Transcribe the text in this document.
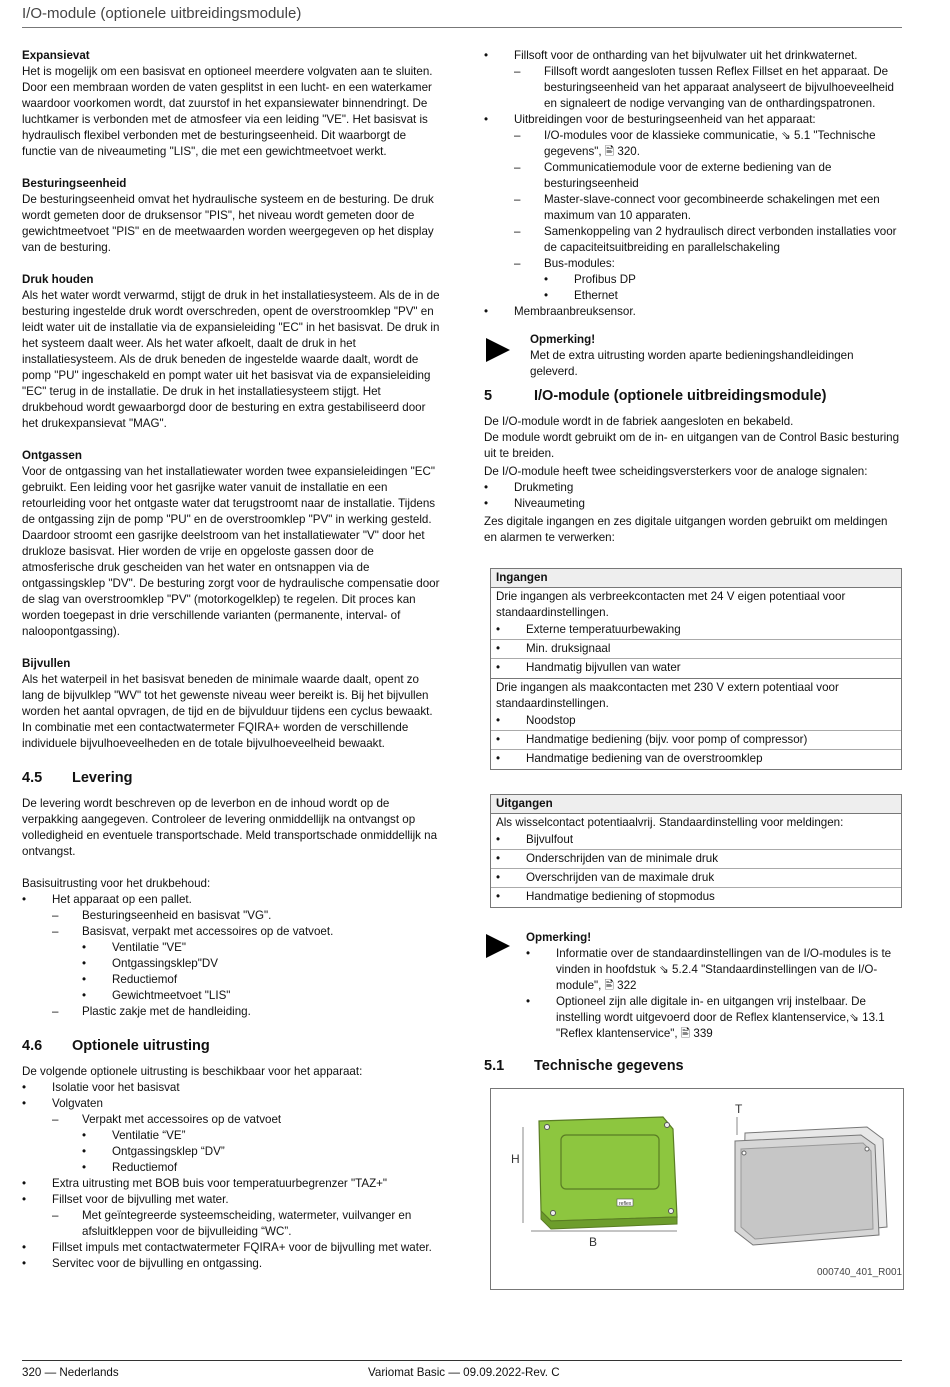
I/O-module (optionele uitbreidingsmodule)

Expansievat

Het is mogelijk om een basisvat en optioneel meerdere volgvaten aan te sluiten. Door een membraan worden de vaten gesplitst in een lucht- en een waterkamer waardoor voorkomen wordt, dat zuurstof in het expansiewater binnendringt. De luchtkamer is verbonden met de atmosfeer via een leiding "VE". Het basisvat is hydraulisch flexibel verbonden met de besturingseenheid. Dit waarborgt de functie van de niveaumeting "LIS", die met een gewichtmeetvoet werkt.

Besturingseenheid

De besturingseenheid omvat het hydraulische systeem en de besturing. De druk wordt gemeten door de druksensor "PIS", het niveau wordt gemeten door de gewichtmeetvoet "PIS" en de meetwaarden worden weergegeven op het display van de besturing.

Druk houden

Als het water wordt verwarmd, stijgt de druk in het installatiesysteem. Als de in de besturing ingestelde druk wordt overschreden, opent de overstroomklep "PV" en leidt water uit de installatie via de expansieleiding "EC" in het basisvat. De druk in het systeem daalt weer. Als het water afkoelt, daalt de druk in het installatiesysteem. Als de druk beneden de ingestelde waarde daalt, wordt de pomp "PU" ingeschakeld en pompt water uit het basisvat via de expansieleiding "EC" terug in de installatie. De druk in het installatiesysteem stijgt. Het drukbehoud wordt gewaarborgd door de besturing en extra gestabiliseerd door het drukexpansievat "MAG".

Ontgassen

Voor de ontgassing van het installatiewater worden twee expansieleidingen "EC" gebruikt. Een leiding voor het gasrijke water vanuit de installatie en een retourleiding voor het ontgaste water dat terugstroomt naar de installatie. Tijdens de ontgassing zijn de pomp "PU" en de overstroomklep "PV" in werking gesteld. Daardoor stroomt een gasrijke deelstroom van het installatiewater "V" door het drukloze basisvat. Hier worden de vrije en opgeloste gassen door de atmosferische druk gescheiden van het water en ontsnappen via de ontgassingsklep "DV". De besturing zorgt voor de hydraulische compensatie door de slag van overstroomklep "PV" (motorkogelklep) te regelen. Dit proces kan worden toegepast in drie verschillende varianten (permanente, interval- of naloopontgassing).

Bijvullen

Als het waterpeil in het basisvat beneden de minimale waarde daalt, opent zo lang de bijvulklep "WV" tot het gewenste niveau weer bereikt is. Bij het bijvullen worden het aantal opvragen, de tijd en de bijvulduur tijdens een cyclus bewaakt. In combinatie met een contactwatermeter FQIRA+ worden de verschillende individuele bijvulhoeveelheden en de totale bijvulhoeveelheid bewaakt.

4.5	Levering

De levering wordt beschreven op de leverbon en de inhoud wordt op de verpakking aangegeven. Controleer de levering onmiddellijk na ontvangst op volledigheid en eventuele transportschade. Meld transportschade onmiddellijk na ontvangst.

Basisuitrusting voor het drukbehoud:

•	Het apparaat op een pallet.
–	Besturingseenheid en basisvat "VG".
–	Basisvat, verpakt met accessoires op de vatvoet.
•	Ventilatie "VE"
•	Ontgassingsklep"DV
•	Reductiemof
•	Gewichtmeetvoet "LIS"
–	Plastic zakje met de handleiding.
4.6	Optionele uitrusting

De volgende optionele uitrusting is beschikbaar voor het apparaat:

•	Isolatie voor het basisvat
•	Volgvaten
–	Verpakt met accessoires op de vatvoet
•	Ventilatie “VE”
•	Ontgassingsklep “DV”
•	Reductiemof
•	Extra uitrusting met BOB buis voor temperatuurbegrenzer "TAZ+"
•	Fillset voor de bijvulling met water.
–	Met geïntegreerde systeemscheiding, watermeter, vuilvanger en afsluitkleppen voor de bijvulleiding “WC”.
•	Fillset impuls met contactwatermeter FQIRA+ voor de bijvulling met water.
•	Servitec voor de bijvulling en ontgassing.
•	Fillsoft voor de ontharding van het bijvulwater uit het drinkwaternet.
–	Fillsoft wordt aangesloten tussen Reflex Fillset en het apparaat. De besturingseenheid van het apparaat analyseert de bijvulhoeveelheid en signaleert de nodige vervanging van de onthardingspatronen.
•	Uitbreidingen voor de besturingseenheid van het apparaat:
–	I/O-modules voor de klassieke communicatie, ⇘ 5.1 "Technische gegevens", 🖹 320.
–	Communicatiemodule voor de externe bediening van de besturingseenheid
–	Master-slave-connect voor gecombineerde schakelingen met een maximum van 10 apparaten.
–	Samenkoppeling van 2 hydraulisch direct verbonden installaties voor de capaciteitsuitbreiding en parallelschakeling
–	Bus-modules:
•	Profibus DP
•	Ethernet
•	Membraanbreuksensor.

Opmerking!

Met de extra uitrusting worden aparte bedieningshandleidingen geleverd.

5	I/O-module (optionele uitbreidingsmodule)

De I/O-module wordt in de fabriek aangesloten en bekabeld.

De module wordt gebruikt om de in- en uitgangen van de Control Basic besturing uit te breiden.

De I/O-module heeft twee scheidingsversterkers voor de analoge signalen:

•	Drukmeting
•	Niveaumeting

Zes digitale ingangen en zes digitale uitgangen worden gebruikt om meldingen en alarmen te verwerken:

Ingangen

Drie ingangen als verbreekcontacten met 24 V eigen potentiaal voor standaardinstellingen.

•	Externe temperatuurbewaking
•	Min. druksignaal
•	Handmatig bijvullen van water

Drie ingangen als maakcontacten met 230 V extern potentiaal voor standaardinstellingen.

•	Noodstop
•	Handmatige bediening (bijv. voor pomp of compressor)
•	Handmatige bediening van de overstroomklep
Uitgangen

Als wisselcontact potentiaalvrij. Standaardinstelling voor meldingen:

•	Bijvulfout
•	Onderschrijden van de minimale druk
•	Overschrijden van de maximale druk
•	Handmatige bediening of stopmodus

Opmerking!

•	Informatie over de standaardinstellingen van de I/O-modules is te vinden in hoofdstuk ⇘ 5.2.4 "Standaardinstellingen van de I/O-module", 🖹 322
•	Optioneel zijn alle digitale in- en uitgangen vrij instelbaar. De instelling wordt uitgevoerd door de Reflex klantenservice,⇘ 13.1 "Reflex klantenservice", 🖹 339
5.1	Technische gegevens
H
reflex
B
T
000740_401_R001
320 — Nederlands	Variomat Basic — 09.09.2022-Rev. C
